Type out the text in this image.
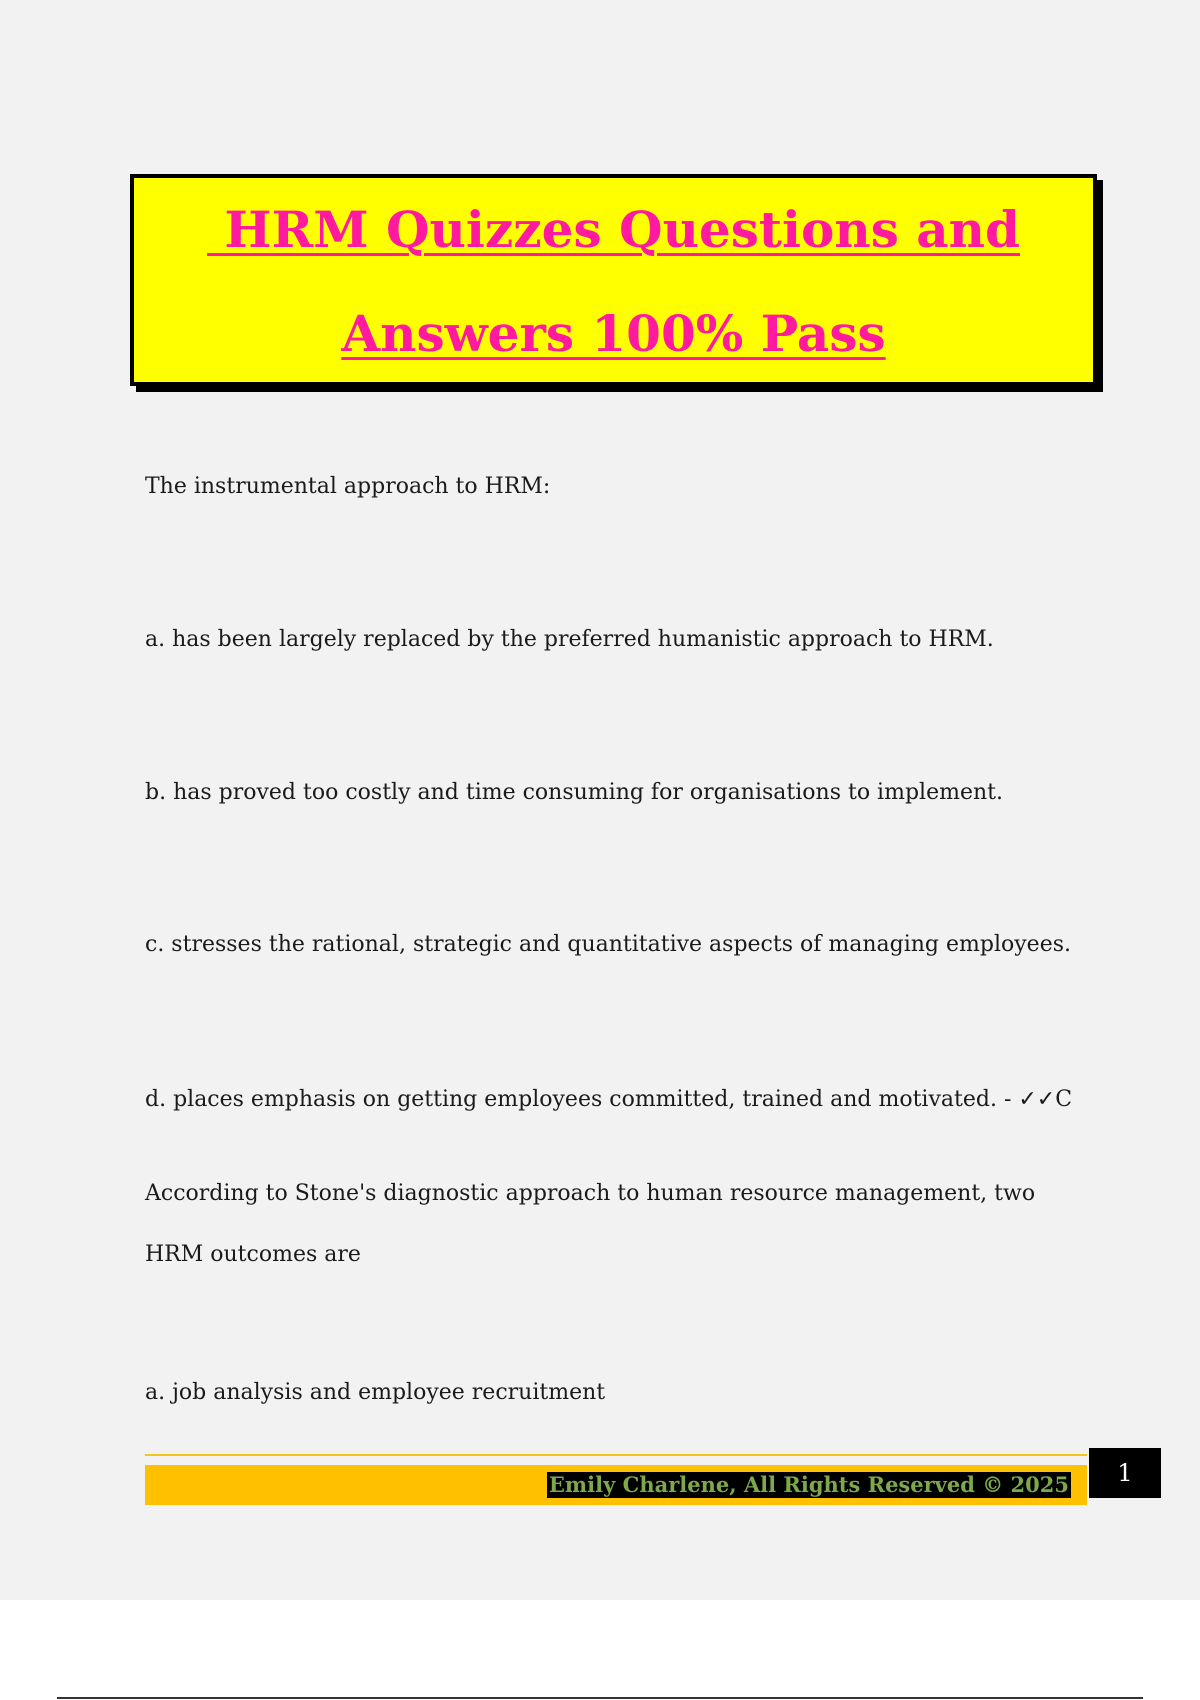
HRM Quizzes Questions and
Answers 100% Pass
The instrumental approach to HRM:
a. has been largely replaced by the preferred humanistic approach to HRM.
b. has proved too costly and time consuming for organisations to implement.
c. stresses the rational, strategic and quantitative aspects of managing employees.
d. places emphasis on getting employees committed, trained and motivated. - ✓✓C
According to Stone's diagnostic approach to human resource management, two HRM outcomes are
a. job analysis and employee recruitment
Emily Charlene, All Rights Reserved © 2025	1
